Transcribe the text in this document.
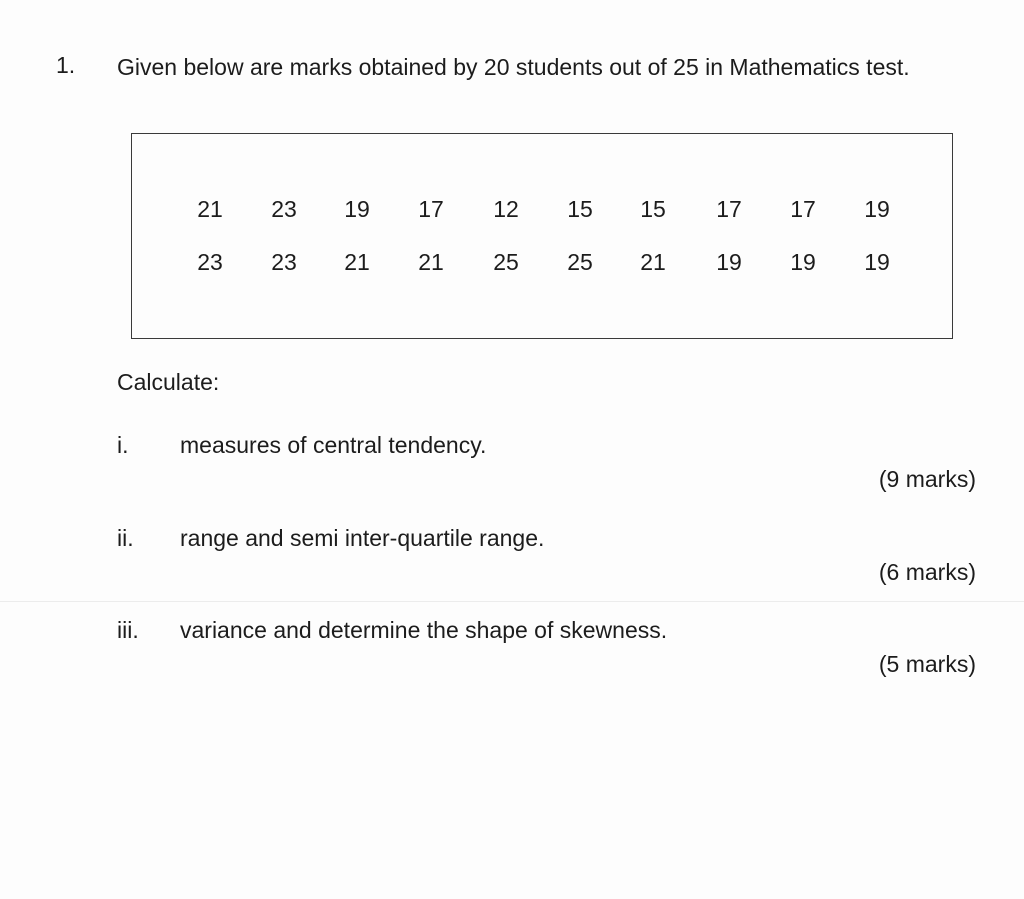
1. Given below are marks obtained by 20 students out of 25 in Mathematics test.
21	23	19	17	12	15	15	17	17	19
23	23	21	21	25	25	21	19	19	19
Calculate:
i. measures of central tendency.
(9 marks)
ii. range and semi inter-quartile range.
(6 marks)
iii. variance and determine the shape of skewness.
(5 marks)
